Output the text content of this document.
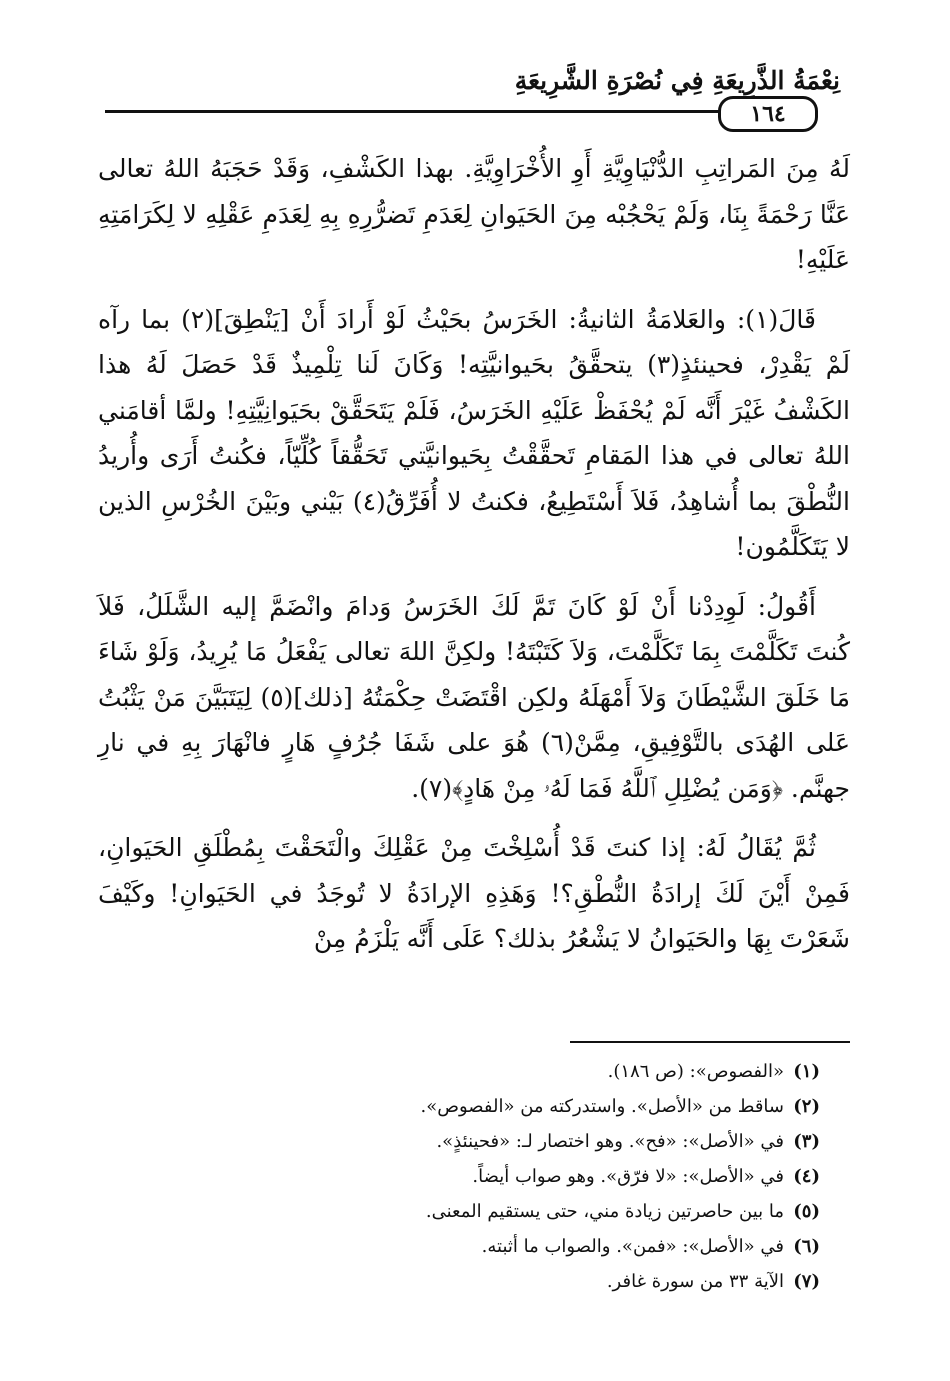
نِعْمَةُ الذَّرِيعَةِ فِي نُصْرَةِ الشَّرِيعَةِ
١٦٤

لَهُ مِنَ المَراتِبِ الدُّنْيَاوِيَّةِ أَوِ الأُخْرَاوِيَّةِ. بهذا الكَشْفِ، وَقَدْ حَجَبَهُ اللهُ تعالى عَنَّا رَحْمَةً بِنَا، وَلَمْ يَحْجُبْه مِنَ الحَيَوانِ لِعَدَمِ تَضرُّرِهِ بِهِ لِعَدَمِ عَقْلِهِ لا لِكَرَامَتِهِ عَلَيْهِ!

قَالَ(١): والعَلامَةُ الثانيةُ: الخَرَسُ بحَيْثُ لَوْ أَرادَ أَنْ [يَنْطِقَ](٢) بما رآه لَمْ يَقْدِرْ، فحينئذٍ(٣) يتحقَّقُ بحَيوانيَّتِه! وَكَانَ لَنا تِلْمِيذٌ قَدْ حَصَلَ لَهُ هذا الكَشْفُ غَيْرَ أَنَّه لَمْ يُحْفَظْ عَلَيْهِ الخَرَسُ، فَلَمْ يَتَحَقَّقْ بحَيَوانِيَّتِهِ! ولمَّا أقامَني اللهُ تعالى في هذا المَقامِ تَحقَّقْتُ بِحَيوانيَّتي تَحَقُّقاً كُلِّيّاً، فكُنتُ أَرَى وأُريدُ النُّطْقَ بما أُشاهِدُ، فَلاَ أَسْتَطِيعُ، فكنتُ لا أُفَرِّقُ(٤) بَيْني وبَيْنَ الخُرْسِ الذين لا يَتَكَلَّمُون!

أَقُولُ: لَوِدِدْنا أَنْ لَوْ كَانَ تَمَّ لَكَ الخَرَسُ وَدامَ وانْضَمَّ إليه الشَّلَلُ، فَلاَ كُنتَ تَكَلَّمْتَ بِمَا تَكَلَّمْتَ، وَلاَ كَتَبْتَهُ! ولكِنَّ اللهَ تعالى يَفْعَلُ مَا يُرِيدُ، وَلَوْ شَاءَ مَا خَلَقَ الشَّيْطَانَ وَلاَ أَمْهَلَهُ ولكِن اقْتَضَتْ حِكْمَتُهُ [ذلك](٥) لِيَتَبَيَّنَ مَنْ يَثْبُتُ عَلى الهُدَى بالتَّوْفِيقِ، مِمَّنْ(٦) هُوَ على شَفَا جُرُفٍ هَارٍ فانْهَارَ بِهِ في نارِ جهنَّم. ﴿وَمَن يُضْلِلِ ٱللَّهُ فَمَا لَهُۥ مِنْ هَادٍ﴾(٧).

ثُمَّ يُقَالُ لَهُ: إذا كنتَ قَدْ أُسْلِخْتَ مِنْ عَقْلِكَ والْتَحَقْتَ بِمُطْلَقِ الحَيَوانِ، فَمِنْ أَيْنَ لَكَ إرادَةُ النُّطْقِ؟! وَهَذِهِ الإرادَةُ لا تُوجَدُ في الحَيَوانِ! وكَيْفَ شَعَرْتَ بِهَا والحَيَوانُ لا يَشْعُرُ بذلك؟ عَلَى أَنَّه يَلْزَمُ مِنْ

(١)«الفصوص»: (ص ١٨٦).
(٢)ساقط من «الأصل». واستدركته من «الفصوص».
(٣)في «الأصل»: «فح». وهو اختصار لـ: «فحينئذٍ».
(٤)في «الأصل»: «لا فرّق». وهو صواب أيضاً.
(٥)ما بين حاصرتين زيادة مني، حتى يستقيم المعنى.
(٦)في «الأصل»: «فمن». والصواب ما أثبته.
(٧)الآية ٣٣ من سورة غافر.
